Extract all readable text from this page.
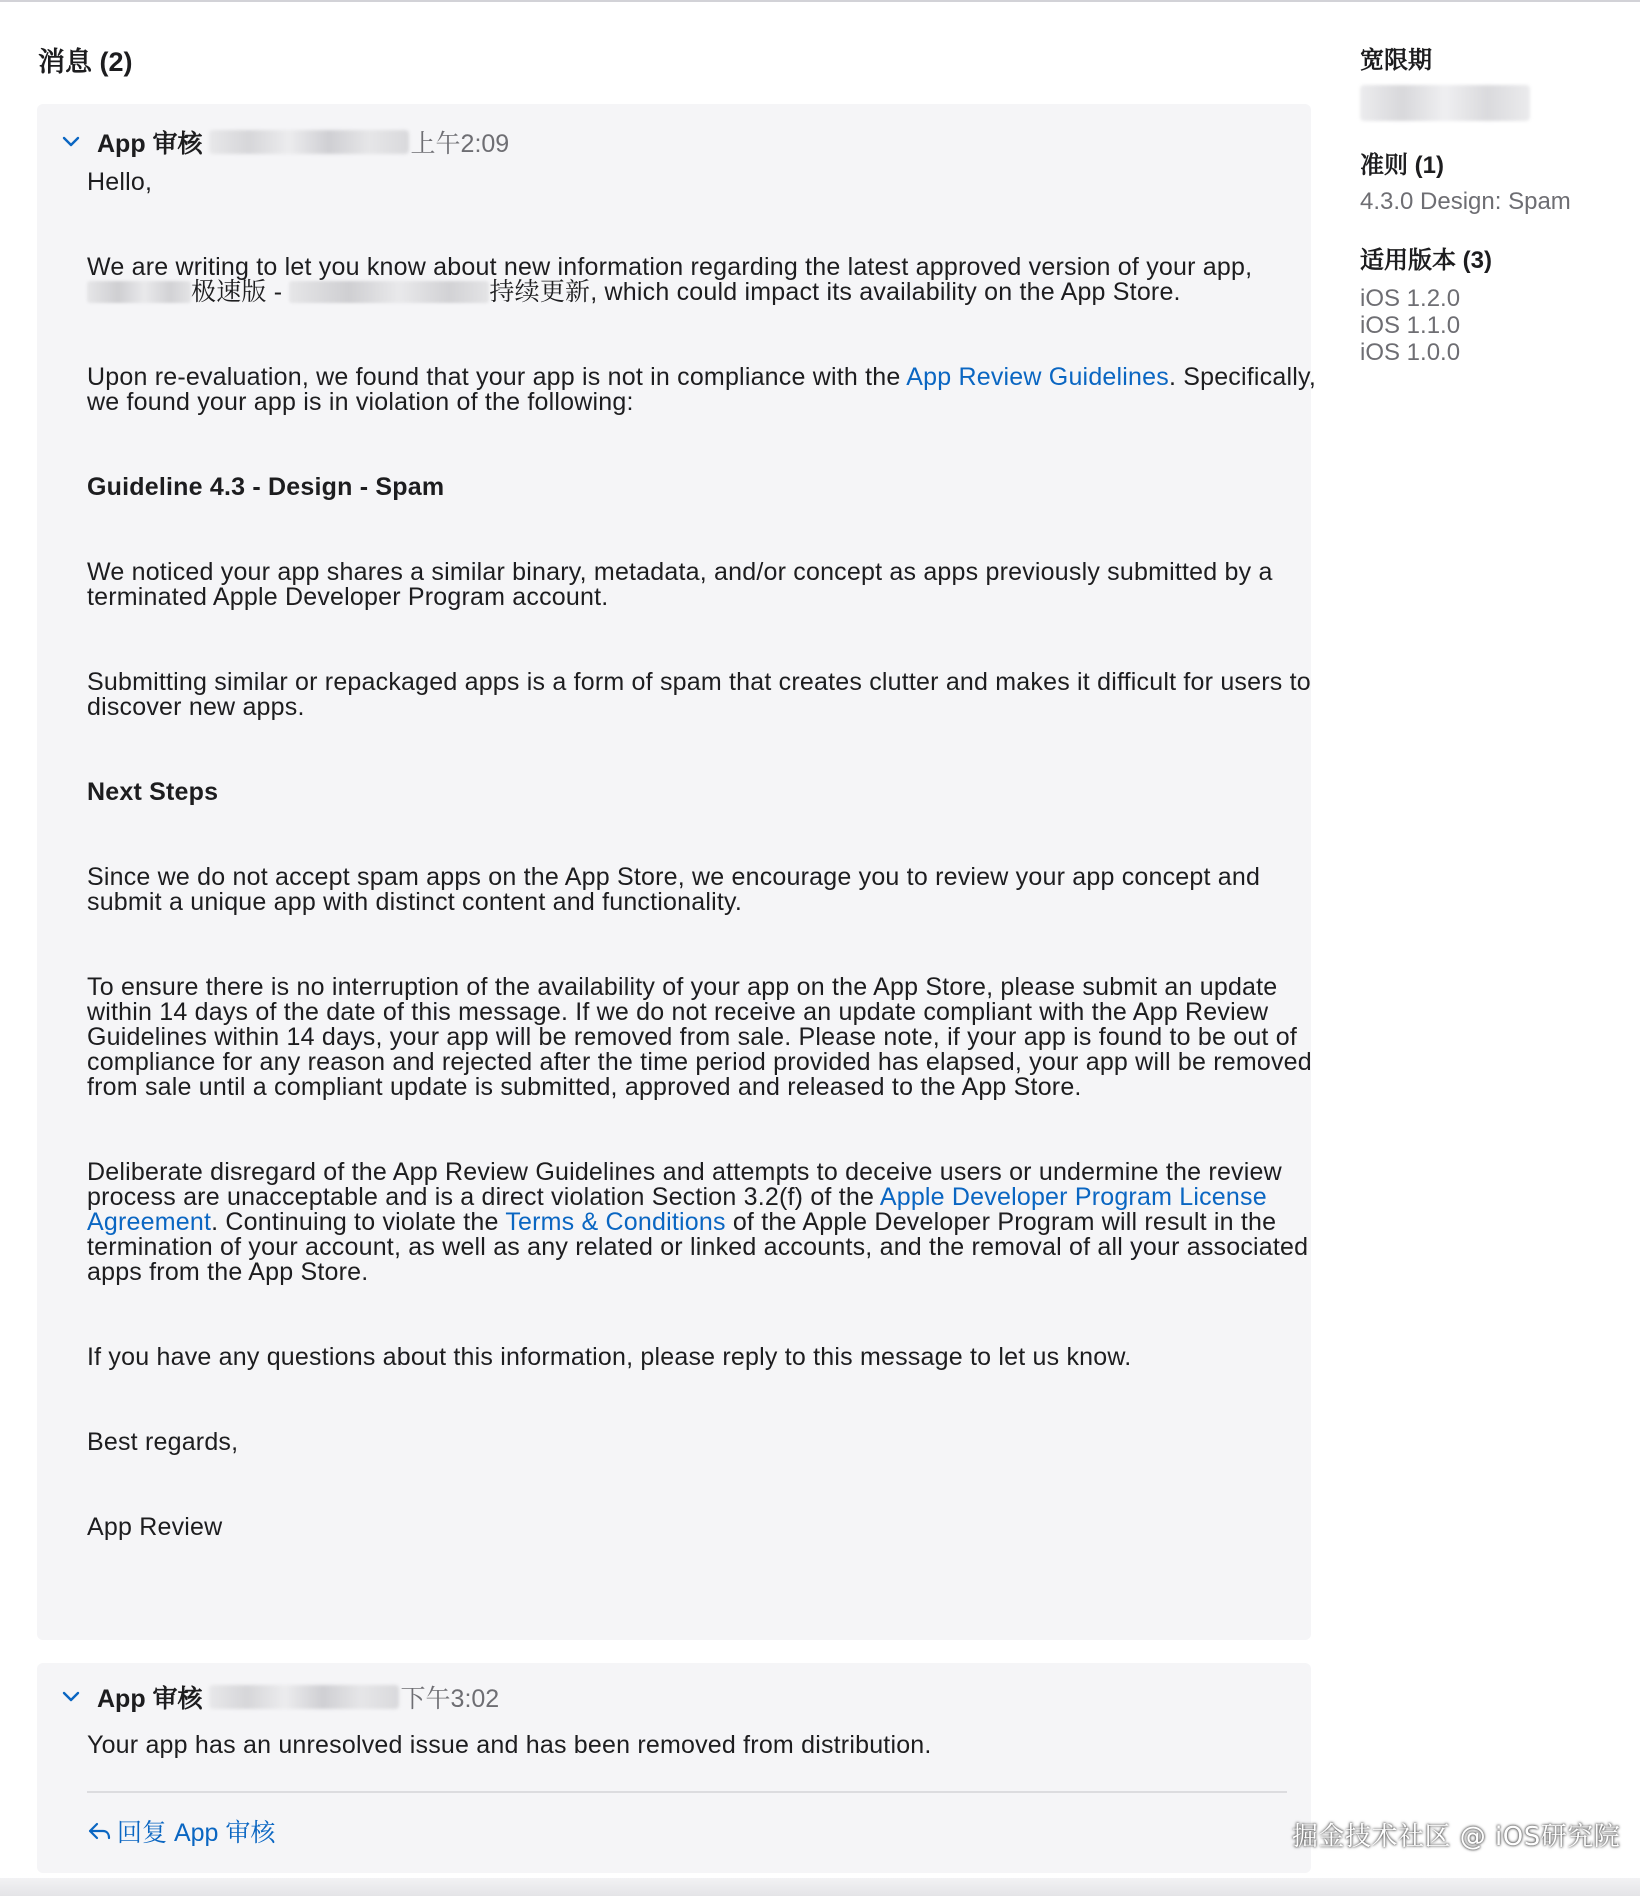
消息 (2)
App 审核	上午2:09

Hello,

We are writing to let you know about new information regarding the latest approved version of your app, 极速版 -	持续更新, which could impact its availability on the App Store.

Upon re-evaluation, we found that your app is not in compliance with the App Review Guidelines. Specifically, we found your app is in violation of the following:

Guideline 4.3 - Design - Spam

We noticed your app shares a similar binary, metadata, and/or concept as apps previously submitted by a terminated Apple Developer Program account.

Submitting similar or repackaged apps is a form of spam that creates clutter and makes it difficult for users to discover new apps.

Next Steps

Since we do not accept spam apps on the App Store, we encourage you to review your app concept and submit a unique app with distinct content and functionality.

To ensure there is no interruption of the availability of your app on the App Store, please submit an update within 14 days of the date of this message. If we do not receive an update compliant with the App Review Guidelines within 14 days, your app will be removed from sale. Please note, if your app is found to be out of compliance for any reason and rejected after the time period provided has elapsed, your app will be removed from sale until a compliant update is submitted, approved and released to the App Store.

Deliberate disregard of the App Review Guidelines and attempts to deceive users or undermine the review process are unacceptable and is a direct violation Section 3.2(f) of the Apple Developer Program License Agreement. Continuing to violate the Terms & Conditions of the Apple Developer Program will result in the termination of your account, as well as any related or linked accounts, and the removal of all your associated apps from the App Store.

If you have any questions about this information, please reply to this message to let us know.

Best regards,

App Review

App 审核	下午3:02

Your app has an unresolved issue and has been removed from distribution.

回复 App 审核

宽限期

准则 (1)

4.3.0 Design: Spam

适用版本 (3)

iOS 1.2.0
iOS 1.1.0
iOS 1.0.0
掘金技术社区 @ iOS研究院
